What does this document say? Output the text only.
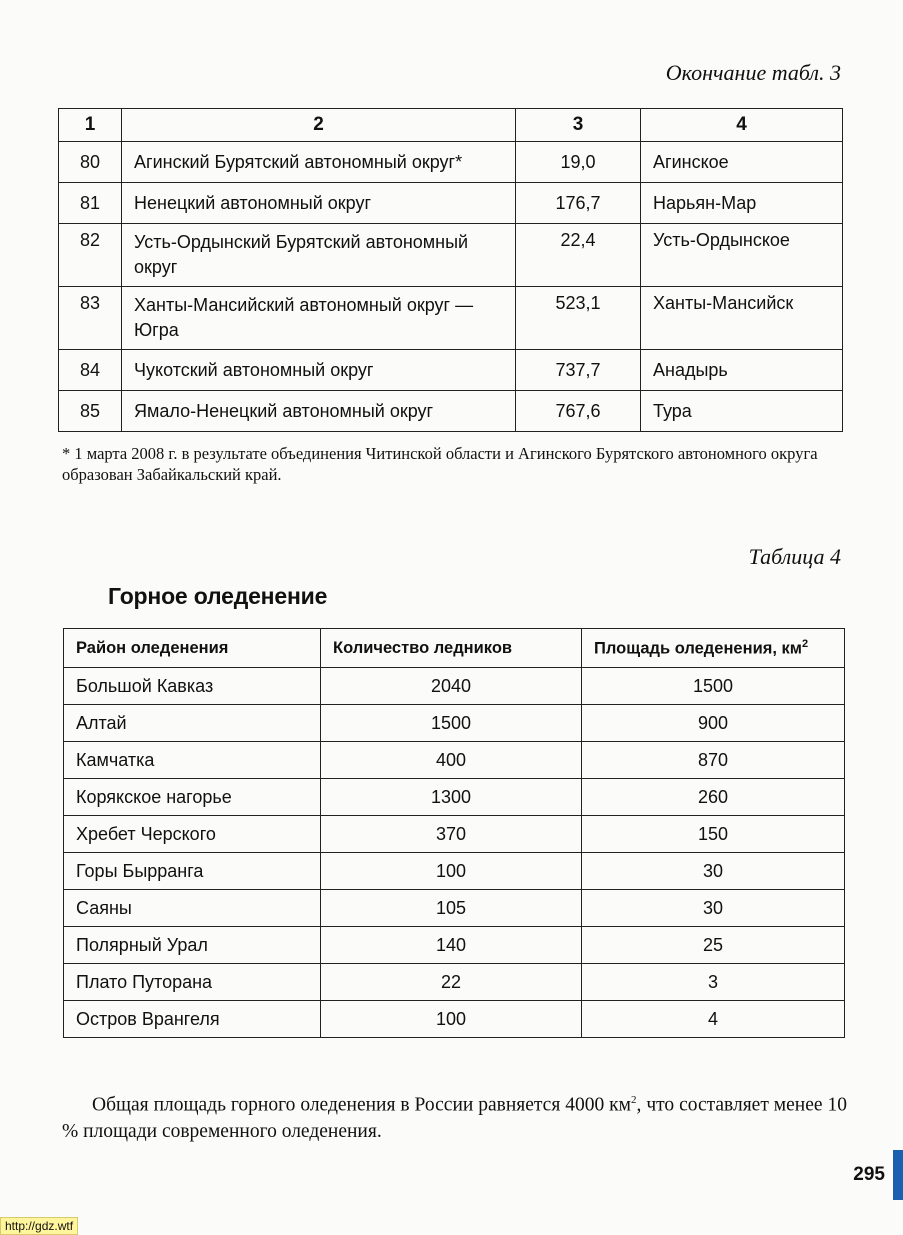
Окончание табл. 3
1	2	3	4
80	Агинский Бурятский автономный округ*	19,0	Агинское
81	Ненецкий автономный округ	176,7	Нарьян-Мар
82	Усть-Ордынский Бурятский автономный округ	22,4	Усть-Ордынское
83	Ханты-Мансийский автономный округ — Югра	523,1	Ханты-Мансийск
84	Чукотский автономный округ	737,7	Анадырь
85	Ямало-Ненецкий автономный округ	767,6	Тура
* 1 марта 2008 г. в результате объединения Читинской области и Агинского Бурятского автономного округа образован Забайкальский край.
Таблица 4
Горное оледенение
Район оледенения	Количество ледников	Площадь оледенения, $км^2$
Большой Кавказ	2040	1500
Алтай	1500	900
Камчатка	400	870
Корякское нагорье	1300	260
Хребет Черского	370	150
Горы Бырранга	100	30
Саяны	105	30
Полярный Урал	140	25
Плато Путорана	22	3
Остров Врангеля	100	4

Общая площадь горного оледенения в России равняется 4000 $км^2$, что составляет менее 10 % площади современного оледенения.

295
http://gdz.wtf
